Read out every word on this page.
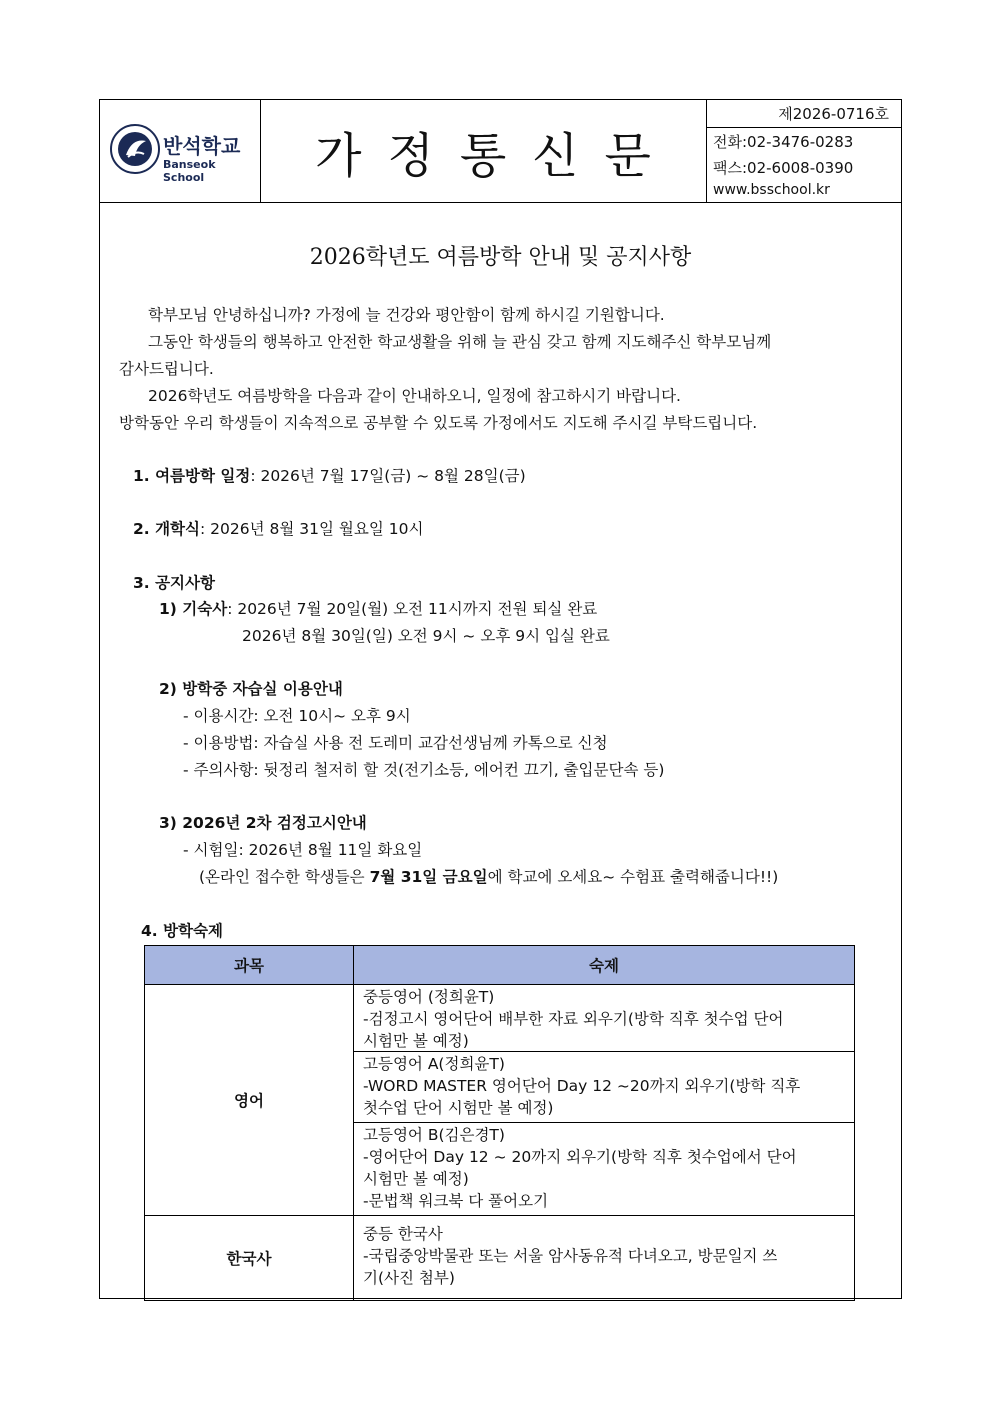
반석학교
Banseok School	가정통신문
제2026-0716호
전화:02-3476-0283
팩스:02-6008-0390
www.bsschool.kr
2026학년도 여름방학 안내 및 공지사항
학부모님 안녕하십니까? 가정에 늘 건강와 평안함이 함께 하시길 기원합니다.
그동안 학생들의 행복하고 안전한 학교생활을 위해 늘 관심 갖고 함께 지도해주신 학부모님께
감사드립니다.
2026학년도 여름방학을 다음과 같이 안내하오니, 일정에 참고하시기 바랍니다.
방학동안 우리 학생들이 지속적으로 공부할 수 있도록 가정에서도 지도해 주시길 부탁드립니다.
1. 여름방학 일정: 2026년 7월 17일(금) ~ 8월 28일(금)
2. 개학식: 2026년 8월 31일 월요일 10시
3. 공지사항
1) 기숙사: 2026년 7월 20일(월) 오전 11시까지 전원 퇴실 완료
2026년 8월 30일(일) 오전 9시 ~ 오후 9시 입실 완료
2) 방학중 자습실 이용안내
- 이용시간: 오전 10시~ 오후 9시
- 이용방법: 자습실 사용 전 도레미 교감선생님께 카톡으로 신청
- 주의사항: 뒷정리 철저히 할 것(전기소등, 에어컨 끄기, 출입문단속 등)
3) 2026년 2차 검정고시안내
- 시험일: 2026년 8월 11일 화요일
(온라인 접수한 학생들은 7월 31일 금요일에 학교에 오세요~ 수험표 출력해줍니다!!)
4. 방학숙제
과목	숙제
영어	중등영어 (정희윤T)
-검정고시 영어단어 배부한 자료 외우기(방학 직후 첫수업 단어
시험만 볼 예정)

	고등영어 A(정희윤T)
-WORD MASTER 영어단어 Day 12 ~20까지 외우기(방학 직후
첫수업 단어 시험만 볼 예정)

	고등영어 B(김은경T)
-영어단어 Day 12 ~ 20까지 외우기(방학 직후 첫수업에서 단어
시험만 볼 예정)
-문법책 워크북 다 풀어오기

한국사	중등 한국사
-국립중앙박물관 또는 서울 암사동유적 다녀오고, 방문일지 쓰
기(사진 첨부)
